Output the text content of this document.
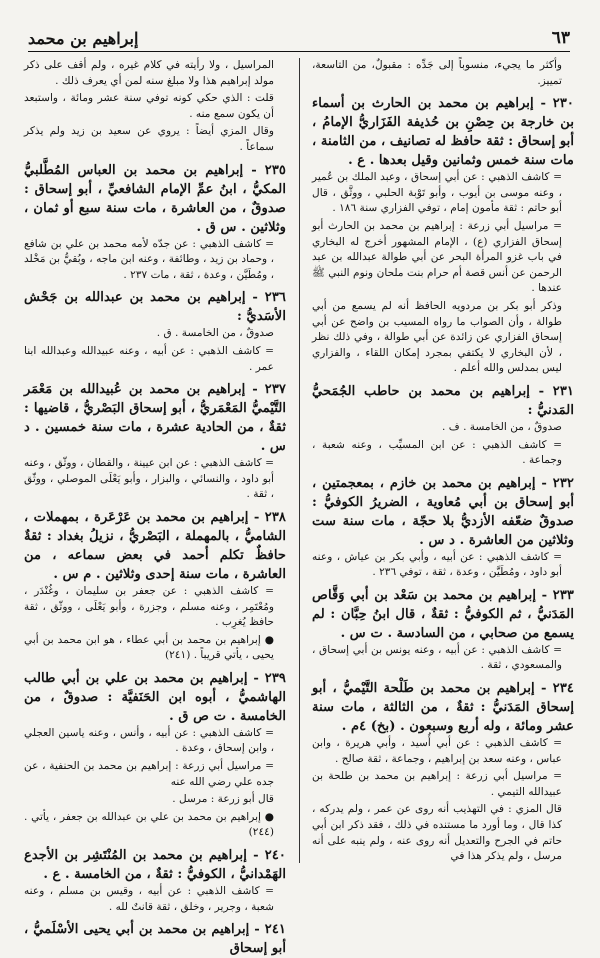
٦٣
إبراهيم بن محمد
وأكثر ما يجيء، منسوباً إلى جَدِّه : مقبولٌ، من التاسعة، تمييز.
٢٣٠ - إبراهيم بن محمد بن الحارث بن أسماء بن خارجة بن حِصْنِ بن حُذيفة الفَزَاريُّ الإمامُ ، أبو إسحاق : ثقة حافظ له تصانيف ، من الثامنة ، مات سنة خمس وثمانين وقيل بعدها . ع .
= كاشف الذهبي : عن أبي إسحاق ، وعبد الملك بن عُمير ، وعنه موسى بن أيوب ، وأبو تَوْبة الحلبي ، ووثَّق ، قال أبو حاتم : ثقة مأمون إمام ، توفي الفزاري سنة ١٨٦ .
= مراسيل أبي زرعة : إبراهيم بن محمد بن الحارث أبو إسحاق الفزاري (ع) ، الإمام المشهور أخرج له البخاري في باب غزو المرأة البحر عن أبي طوالة عبدالله بن عبد الرحمن عن أنس قصة أم حرام بنت ملحان ونوم النبي ﷺ عندها .
وذكر أبو بكر بن مردويه الحافظ أنه لم يسمع من أبي طوالة ، وأن الصواب ما رواه المسيب بن واضح عن أبي إسحاق الفزاري عن زائدة عن أبي طوالة ، وفي ذلك نظر ، لأن البخاري لا يكتفي بمجرد إمكان اللقاء ، والفزاري ليس بمدلس والله أعلم .
٢٣١ - إبراهيم بن محمد بن حاطب الجُمَحيُّ المَدنيُّ :
صدوقٌ ، من الخامسة . ف .
= كاشف الذهبي : عن ابن المسيِّب ، وعنه شعبة ، وجماعة .
٢٣٢ - إبراهيم بن محمد بن خازم ، بمعجمتين ، أبو إسحاق بن أبي مُعاوية ، الضريرُ الكوفيُّ : صدوقٌ ضعّفه الأزديُّ بلا حجّة ، مات سنة ست وثلاثين من العاشرة . د س .
= كاشف الذهبي : عن أبيه ، وأبي بكر بن عياش ، وعنه أبو داود ، ومُطَيَّن ، وعدة ، ثقة ، توفي ٢٣٦ .
٢٣٣ - إبراهيم بن محمد بن سَعْد بن أبي وَقَّاص المَدَنيُّ ، ثم الكوفيُّ : ثقةٌ ، قال ابنُ حِبَّان : لم يسمع من صحابي ، من السادسة . ت س .
= كاشف الذهبي : عن أبيه ، وعنه يونس بن أبي إسحاق ، والمسعودي ، ثقة .
٢٣٤ - إبراهيم بن محمد بن طَلْحة التَّيْميُّ ، أبو إسحاق المَدَنيُّ : ثقةٌ ، من الثالثة ، مات سنة عشر ومائة ، وله أربع وسبعون . (بخ) ٤م .
= كاشف الذهبي : عن أبي أُسيد ، وأبي هريرة ، وابن عباس ، وعنه سعد بن إبراهيم ، وجماعة ، ثقة صالح .
= مراسيل أبي زرعة : إبراهيم بن محمد بن طلحة بن عبيدالله التيمي .
قال المزي : في التهذيب أنه روى عن عمر ، ولم يدركه ، كذا قال ، وما أورد ما مستنده في ذلك ، فقد ذكر ابن أبي حاتم في الجرح والتعديل أنه روى عنه ، ولم ينبه على أنه مرسل ، ولم يذكر هذا في
المراسيل ، ولا رأيته في كلام غيره ، ولم أقف على ذكر مولد إبراهيم هذا ولا مبلغ سنه لمن أي يعرف ذلك .
قلت : الذي حكي كونه توفي سنة عشر ومائة ، واستبعد أن يكون سمع منه .
وقال المزي أيضاً : يروي عن سعيد بن زيد ولم يذكر سماعاً .
٢٣٥ - إبراهيم بن محمد بن العباس المُطَّلبيُّ المكيُّ ، ابنُ عمِّ الإمام الشافعيِّ ، أبو إسحاق : صدوقٌ ، من العاشرة ، مات سنة سبع أو ثمان ، وثلاثين . س ق .
= كاشف الذهبي : عن جدّه لأمه محمد بن علي بن شافع ، وحماد بن زيد ، وطائفة ، وعنه ابن ماجه ، وبُقيُّ بن مَخْلد ، ومُطَيَّن ، وعدة ، ثقة ، مات ٢٣٧ .
٢٣٦ - إبراهيم بن محمد بن عبدالله بن جَحْش الأسَديُّ :
صدوقٌ ، من الخامسة . ق .
= كاشف الذهبي : عن أبيه ، وعنه عبيدالله وعبدالله ابنا عمر .
٢٣٧ - إبراهيم بن محمد بن عُبيدالله بن مَعْمَر التَّيْميُّ المَعْمَريُّ ، أبو إسحاق البَصْريُّ ، قاضيها : ثقةٌ ، من الحادية عشرة ، مات سنة خمسين . د س .
= كاشف الذهبي : عن ابن عيينة ، والقطان ، ووثّق ، وعنه أبو داود ، والنسائي ، والبزار ، وأبو يَعْلَى الموصلي ، ووثّق ، ثقة .
٢٣٨ - إبراهيم بن محمد بن عَرْعَرة ، بمهملات ، الشاميُّ ، بالمهملة ، البَصْريُّ ، نزيلُ بغداد : ثقةٌ حافظٌ تكلم أحمد في بعض سماعه ، من العاشرة ، مات سنة إحدى وثلاثين . م س .
= كاشف الذهبي : عن جعفر بن سليمان ، وغُنْدَر ، ومُعْتَمِر ، وعنه مسلم ، وجزرة ، وأبو يَعْلَى ، ووثّق ، ثقة حافظ يُغرِب .
● إبراهيم بن محمد بن أبي عطاء ، هو ابن محمد بن أبي يحيى ، يأتي قريباً . (٢٤١)
٢٣٩ - إبراهيم بن محمد بن علي بن أبي طالب الهاشميُّ ، أبوه ابن الحَنَفيَّة : صدوقٌ ، من الخامسة . ت ص ق .
= كاشف الذهبي : عن أبيه ، وأنس ، وعنه ياسين العجلي ، وابن إسحاق ، وعدة .
= مراسيل أبي زرعة : إبراهيم بن محمد بن الحنفية ، عن جده علي رضي الله عنه
قال أبو زرعة : مرسل .
● إبراهيم بن محمد بن علي بن عبدالله بن جعفر ، يأتي . (٢٤٤)
٢٤٠ - إبراهيم بن محمد بن المُنْتَشِر بن الأجدع الهَمْدانيُّ ، الكوفيُّ : ثقةٌ ، من الخامسة . ع .
= كاشف الذهبي : عن أبيه ، وقيس بن مسلم ، وعنه شعبة ، وجرير ، وخلق ، ثقة قانتٌ لله .
٢٤١ - إبراهيم بن محمد بن أبي يحيى الأسْلَميُّ ، أبو إسحاق
